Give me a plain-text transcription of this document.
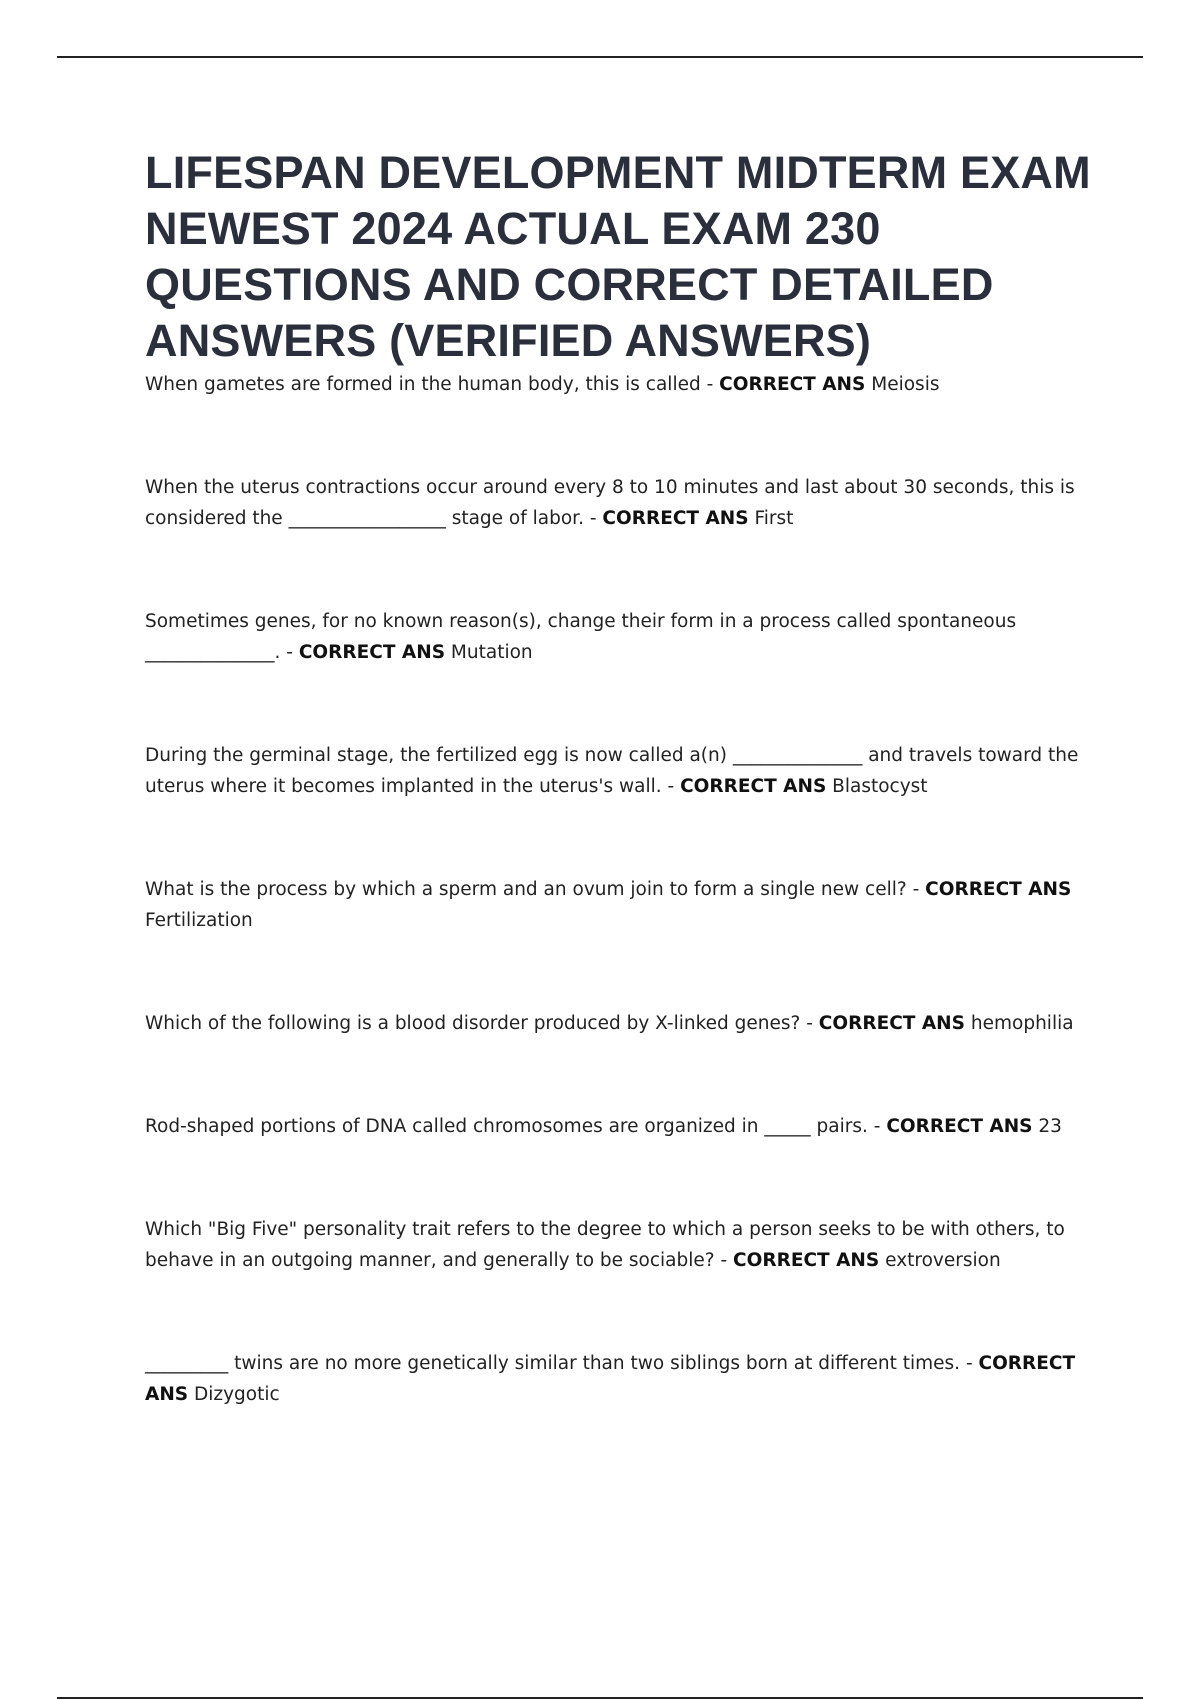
LIFESPAN DEVELOPMENT MIDTERM EXAM NEWEST 2024 ACTUAL EXAM 230 QUESTIONS AND CORRECT DETAILED ANSWERS (VERIFIED ANSWERS)

When gametes are formed in the human body, this is called - CORRECT ANS Meiosis

When the uterus contractions occur around every 8 to 10 minutes and last about 30 seconds, this is considered the _________________ stage of labor. - CORRECT ANS First

Sometimes genes, for no known reason(s), change their form in a process called spontaneous ______________. - CORRECT ANS Mutation

During the germinal stage, the fertilized egg is now called a(n) ______________ and travels toward the uterus where it becomes implanted in the uterus's wall. - CORRECT ANS Blastocyst

What is the process by which a sperm and an ovum join to form a single new cell? - CORRECT ANS Fertilization

Which of the following is a blood disorder produced by X-linked genes? - CORRECT ANS hemophilia

Rod-shaped portions of DNA called chromosomes are organized in _____ pairs. - CORRECT ANS 23

Which "Big Five" personality trait refers to the degree to which a person seeks to be with others, to behave in an outgoing manner, and generally to be sociable? - CORRECT ANS extroversion

_________ twins are no more genetically similar than two siblings born at different times. - CORRECT ANS Dizygotic
